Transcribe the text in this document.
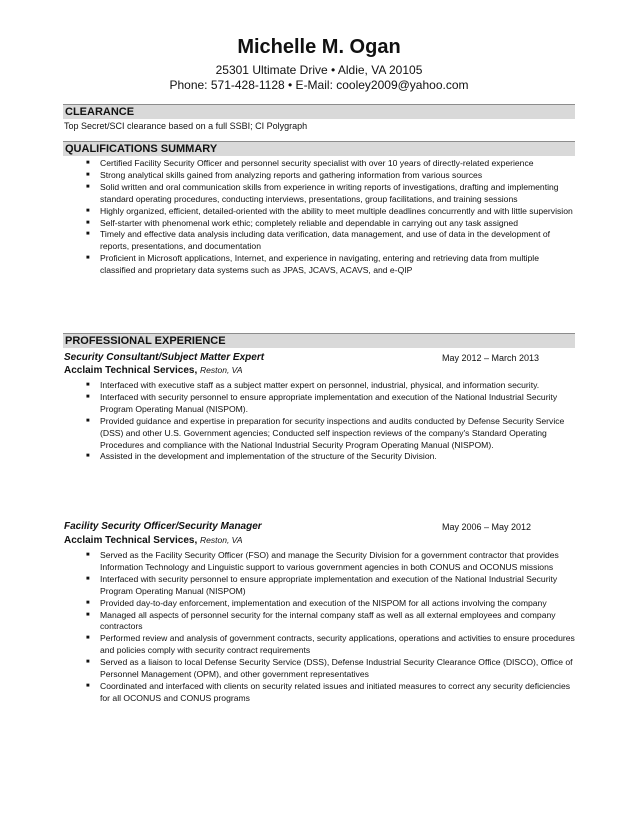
Michelle M. Ogan
25301 Ultimate Drive • Aldie, VA 20105
Phone: 571-428-1128 • E-Mail: cooley2009@yahoo.com
CLEARANCE
Top Secret/SCI clearance based on a full SSBI; CI Polygraph
QUALIFICATIONS SUMMARY
■ Certified Facility Security Officer and personnel security specialist with over 10 years of directly-related experience
■ Strong analytical skills gained from analyzing reports and gathering information from various sources
■ Solid written and oral communication skills from experience in writing reports of investigations, drafting and implementing standard operating procedures, conducting interviews, presentations, group facilitations, and training sessions
■ Highly organized, efficient, detailed-oriented with the ability to meet multiple deadlines concurrently and with little supervision
■ Self-starter with phenomenal work ethic; completely reliable and dependable in carrying out any task assigned
■ Timely and effective data analysis including data verification, data management, and use of data in the development of reports, presentations, and documentation
■ Proficient in Microsoft applications, Internet, and experience in navigating, entering and retrieving data from multiple classified and proprietary data systems such as JPAS, JCAVS, ACAVS, and e-QIP
PROFESSIONAL EXPERIENCE
Security Consultant/Subject Matter Expert	May 2012 – March 2013
Acclaim Technical Services, Reston, VA
■ Interfaced with executive staff as a subject matter expert on personnel, industrial, physical, and information security.
■ Interfaced with security personnel to ensure appropriate implementation and execution of the National Industrial Security Program Operating Manual (NISPOM).
■ Provided guidance and expertise in preparation for security inspections and audits conducted by Defense Security Service (DSS) and other U.S. Government agencies; Conducted self inspection reviews of the company's Standard Operating Procedures and compliance with the National Industrial Security Program Operating Manual (NISPOM).
■ Assisted in the development and implementation of the structure of the Security Division.
Facility Security Officer/Security Manager	May 2006 – May 2012
Acclaim Technical Services, Reston, VA
■ Served as the Facility Security Officer (FSO) and manage the Security Division for a government contractor that provides Information Technology and Linguistic support to various government agencies in both CONUS and OCONUS missions
■ Interfaced with security personnel to ensure appropriate implementation and execution of the National Industrial Security Program Operating Manual (NISPOM)
■ Provided day-to-day enforcement, implementation and execution of the NISPOM for all actions involving the company
■ Managed all aspects of personnel security for the internal company staff as well as all external employees and company contractors
■ Performed review and analysis of government contracts, security applications, operations and activities to ensure procedures and policies comply with security contract requirements
■ Served as a liaison to local Defense Security Service (DSS), Defense Industrial Security Clearance Office (DISCO), Office of Personnel Management (OPM), and other government representatives
■ Coordinated and interfaced with clients on security related issues and initiated measures to correct any security deficiencies for all OCONUS and CONUS programs
